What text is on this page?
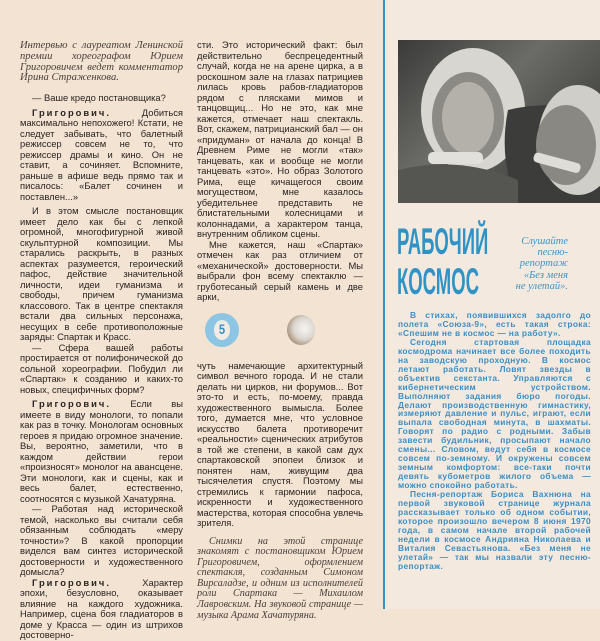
Интервью с лауреатом Ленинской премии хореографом Юрием Григоровичем ведет комментатор Ирина Страженкова.

— Ваше кредо постановщика?

Григорович.	Добиться максимально непохожего! Кстати, не следует забывать, что балетный режиссер совсем не то, что режиссер драмы и кино. Он не ставит, а сочиняет. Вспомните, раньше в афише ведь прямо так и писалось: «Балет сочинен и поставлен...»

И в этом смысле постановщик имеет дело как бы с лепкой огромной, многофигурной живой скульптурной композиции. Мы старались раскрыть, в разных аспектах разумеется, героический пафос, действие значительной личности, идеи гуманизма и свободы, причем гуманизма классового. Так в центре спектакля встали два сильных персонажа, несущих в себе противоположные заряды: Спартак и Красс.

— Сфера вашей работы простирается от полифонической до сольной хореографии. Побудил ли «Спартак» к созданию и каких-то новых, специфичных форм?

Григорович. Если вы имеете в виду монологи, то попали как раз в точку. Монологам основных героев я придаю огромное значение. Вы, вероятно, заметили, что в каждом действии герои «произносят» монолог на авансцене. Эти монологи, как и сцены, как и весь балет, естественно, соотносятся с музыкой Хачатуряна.

— Работая над исторической темой, насколько вы считали себя обязанным соблюдать «меру точности»? В какой пропорции виделся вам синтез исторической достоверности и художественного домысла?

Григорович.	Характер эпохи, безусловно, оказывает влияние на каждого художника. Например, сцена боя гладиаторов в доме у Красса — один из штрихов достоверно-

сти. Это исторический факт: был действительно беспрецедентный случай, когда не на арене цирка, а в роскошном зале на глазах патрициев лилась кровь рабов-гладиаторов рядом с плясками мимов и танцовщиц... Но не это, как мне кажется, отмечает наш спектакль. Вот, скажем, патрицианский бал — он «придуман» от начала до конца! В Древнем Риме не могли «так» танцевать, как и вообще не могли танцевать «это». Но образ Золотого Рима, еще кичащегося своим могуществом, мне казалось убедительнее представить не блистательными колесницами и колоннадами, а характером танца, внутренним обликом сцены.

Мне кажется, наш «Спартак» отмечен как раз отличием от «механической» достоверности. Мы выбрали фон всему спектаклю — груботесаный серый камень и две арки,

5

чуть намечающие архитектурный символ вечного города. И не стали делать ни цирков, ни форумов... Вот это-то и есть, по-моему, правда художественного вымысла. Более того, думается мне, что условное искусство балета противоречит «реальности» сценических атрибутов в той же степени, в какой сам дух спартаковской эпопеи близок и понятен нам, живущим два тысячелетия спустя. Поэтому мы стремились к гармонии пафоса, искренности и художественного мастерства, которая способна увлечь зрителя.

Снимки на этой странице знакомят с постановщиком Юрием Григоровичем, оформлением спектакля, созданным Симоном Вирсаладзе, и одним из исполнителей роли Спартака — Михаилом Лавровским. На звуковой странице — музыка Арама Хачатуряна.

РАБОЧИЙ
КОСМОС
Слушайте
песню-
репортаж
«Без меня
не улетай».

В стихах, появившихся задолго до полета «Союза-9», есть такая строка: «Спешим не в космос — на работу».

Сегодня стартовая площадка космодрома начинает все более походить на заводскую проходную. В космос летают работать. Ловят звезды в объектив секстанта. Управляются с кибернетическим устройством. Выполняют задания бюро погоды. Делают производственную гимнастику, измеряют давление и пульс, играют, если выпала свободная минута, в шахматы. Говорят по радио с родными. Забыв завести будильник, просыпают начало смены... Словом, ведут себя в космосе совсем по-земному. И окружены совсем земным комфортом: все-таки почти девять кубометров жилого объема — можно спокойно работать.

Песня-репортаж Бориса Вахнюна на первой звуковой странице журнала рассказывает только об одном событии, которое произошло вечером 8 июня 1970 года, в самом начале второй рабочей недели в космосе Андрияна Николаева и Виталия Севастьянова. «Без меня не улетай» — так мы назвали эту песню-репортаж.
